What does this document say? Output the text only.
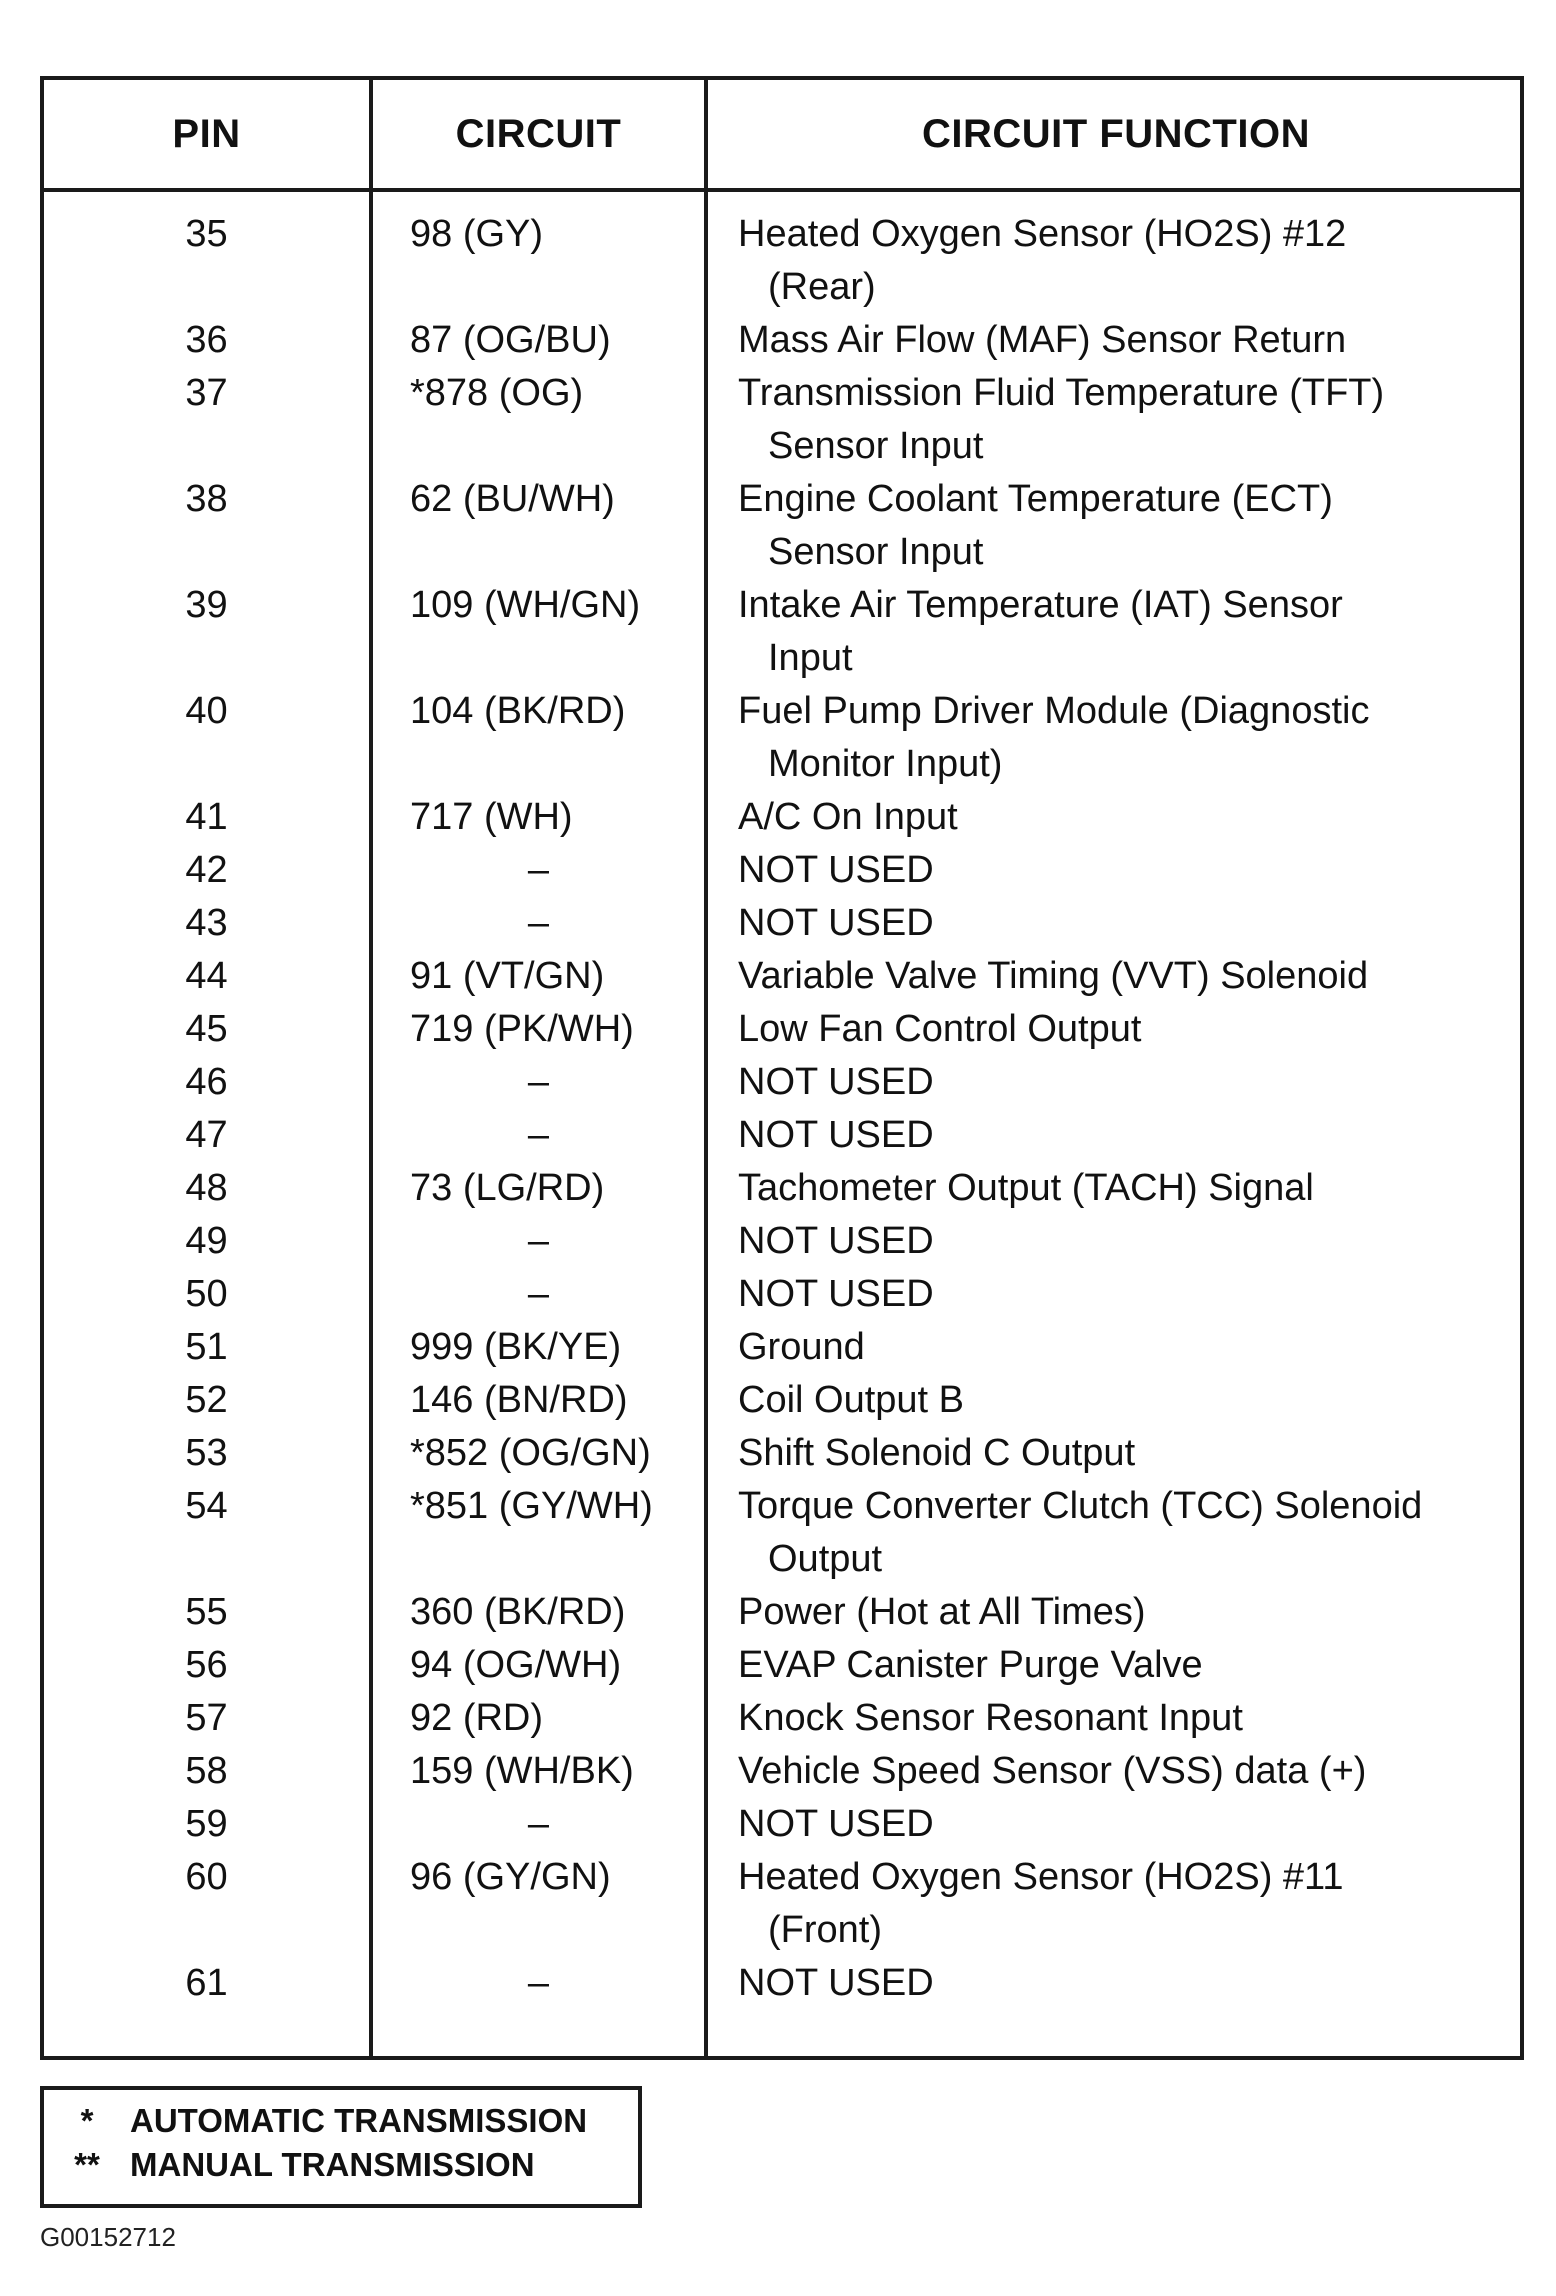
PIN	CIRCUIT	CIRCUIT FUNCTION
35	98 (GY)	Heated Oxygen Sensor (HO2S) #12
(Rear)
36	87 (OG/BU)	Mass Air Flow (MAF) Sensor Return
37	*878 (OG)	Transmission Fluid Temperature (TFT)
Sensor Input
38	62 (BU/WH)	Engine Coolant Temperature (ECT)
Sensor Input
39	109 (WH/GN)	Intake Air Temperature (IAT) Sensor
Input
40	104 (BK/RD)	Fuel Pump Driver Module (Diagnostic
Monitor Input)
41	717 (WH)	A/C On Input
42	–	NOT USED
43	–	NOT USED
44	91 (VT/GN)	Variable Valve Timing (VVT) Solenoid
45	719 (PK/WH)	Low Fan Control Output
46	–	NOT USED
47	–	NOT USED
48	73 (LG/RD)	Tachometer Output (TACH) Signal
49	–	NOT USED
50	–	NOT USED
51	999 (BK/YE)	Ground
52	146 (BN/RD)	Coil Output B
53	*852 (OG/GN)	Shift Solenoid C Output
54	*851 (GY/WH)	Torque Converter Clutch (TCC) Solenoid
Output
55	360 (BK/RD)	Power (Hot at All Times)
56	94 (OG/WH)	EVAP Canister Purge Valve
57	92 (RD)	Knock Sensor Resonant Input
58	159 (WH/BK)	Vehicle Speed Sensor (VSS) data (+)
59	–	NOT USED
60	96 (GY/GN)	Heated Oxygen Sensor (HO2S) #11
(Front)
61	–	NOT USED
* AUTOMATIC TRANSMISSION
** MANUAL TRANSMISSION
G00152712
